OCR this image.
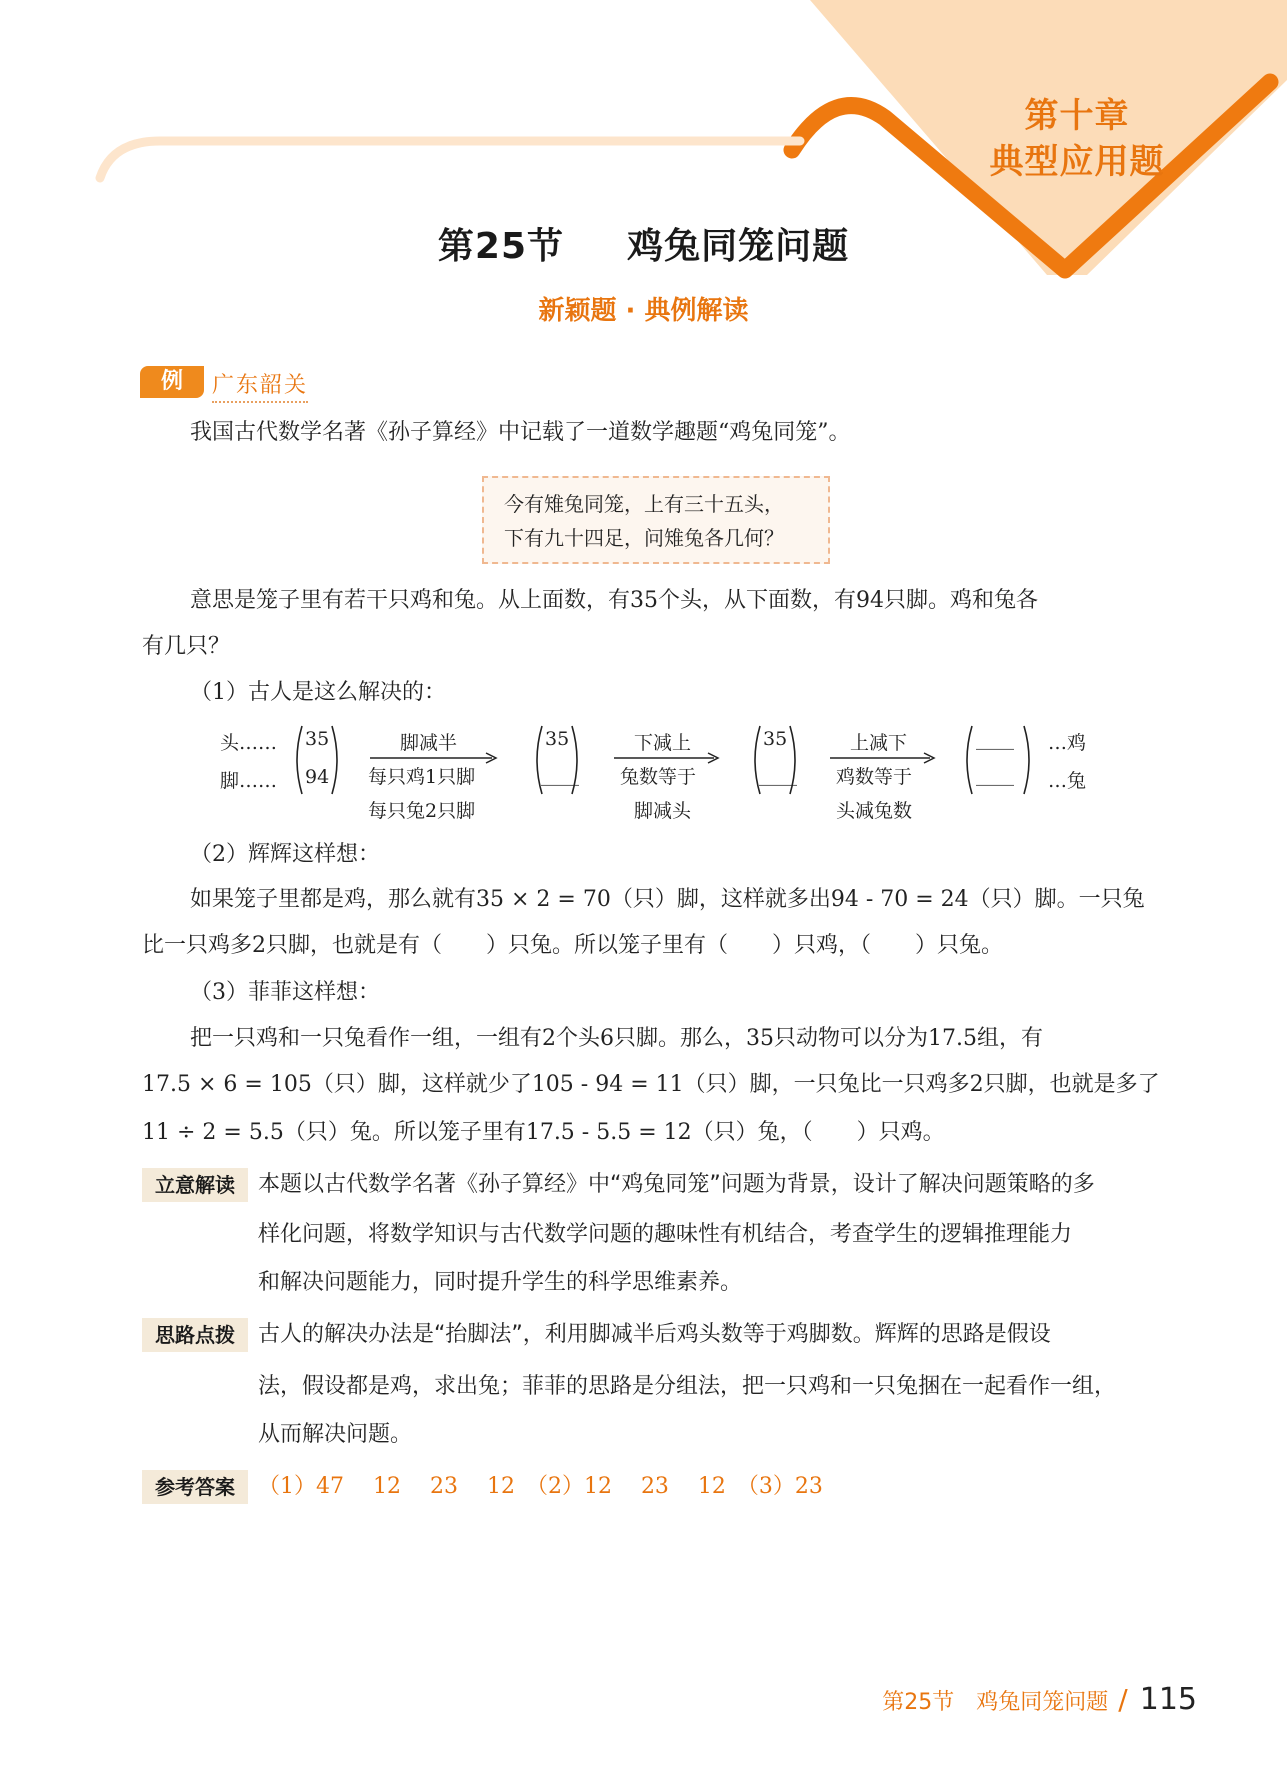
第十章
典型应用题
第25节 鸡兔同笼问题
新颖题 · 典例解读
例	广东韶关
我国古代数学名著《孙子算经》中记载了一道数学趣题“鸡兔同笼”。
今有雉兔同笼，上有三十五头，
下有九十四足，问雉兔各几何？
意思是笼子里有若干只鸡和兔。从上面数，有35个头，从下面数，有94只脚。鸡和兔各
有几只？
（1）古人是这么解决的：
头……
脚……
35
94
脚减半
每只鸡1只脚
每只兔2只脚
35
____
下减上
兔数等于
脚减头
35
____
上减下
鸡数等于
头减兔数
____
____
…鸡
…兔
（2）辉辉这样想：
如果笼子里都是鸡，那么就有35 × 2 = 70（只）脚，这样就多出94 - 70 = 24（只）脚。一只兔
比一只鸡多2只脚，也就是有（　　）只兔。所以笼子里有（　　）只鸡，（　　）只兔。
（3）菲菲这样想：
把一只鸡和一只兔看作一组，一组有2个头6只脚。那么，35只动物可以分为17.5组，有
17.5 × 6 = 105（只）脚，这样就少了105 - 94 = 11（只）脚，一只兔比一只鸡多2只脚，也就是多了
11 ÷ 2 = 5.5（只）兔。所以笼子里有17.5 - 5.5 = 12（只）兔，（　　）只鸡。
立意解读	本题以古代数学名著《孙子算经》中“鸡兔同笼”问题为背景，设计了解决问题策略的多
样化问题，将数学知识与古代数学问题的趣味性有机结合，考查学生的逻辑推理能力
和解决问题能力，同时提升学生的科学思维素养。
思路点拨	古人的解决办法是“抬脚法”，利用脚减半后鸡头数等于鸡脚数。辉辉的思路是假设
法，假设都是鸡，求出兔；菲菲的思路是分组法，把一只鸡和一只兔捆在一起看作一组，
从而解决问题。
参考答案	（1）47　 12　 23　 12　（2）12　 23　 12　（3）23
第25节　鸡兔同笼问题 / 115
